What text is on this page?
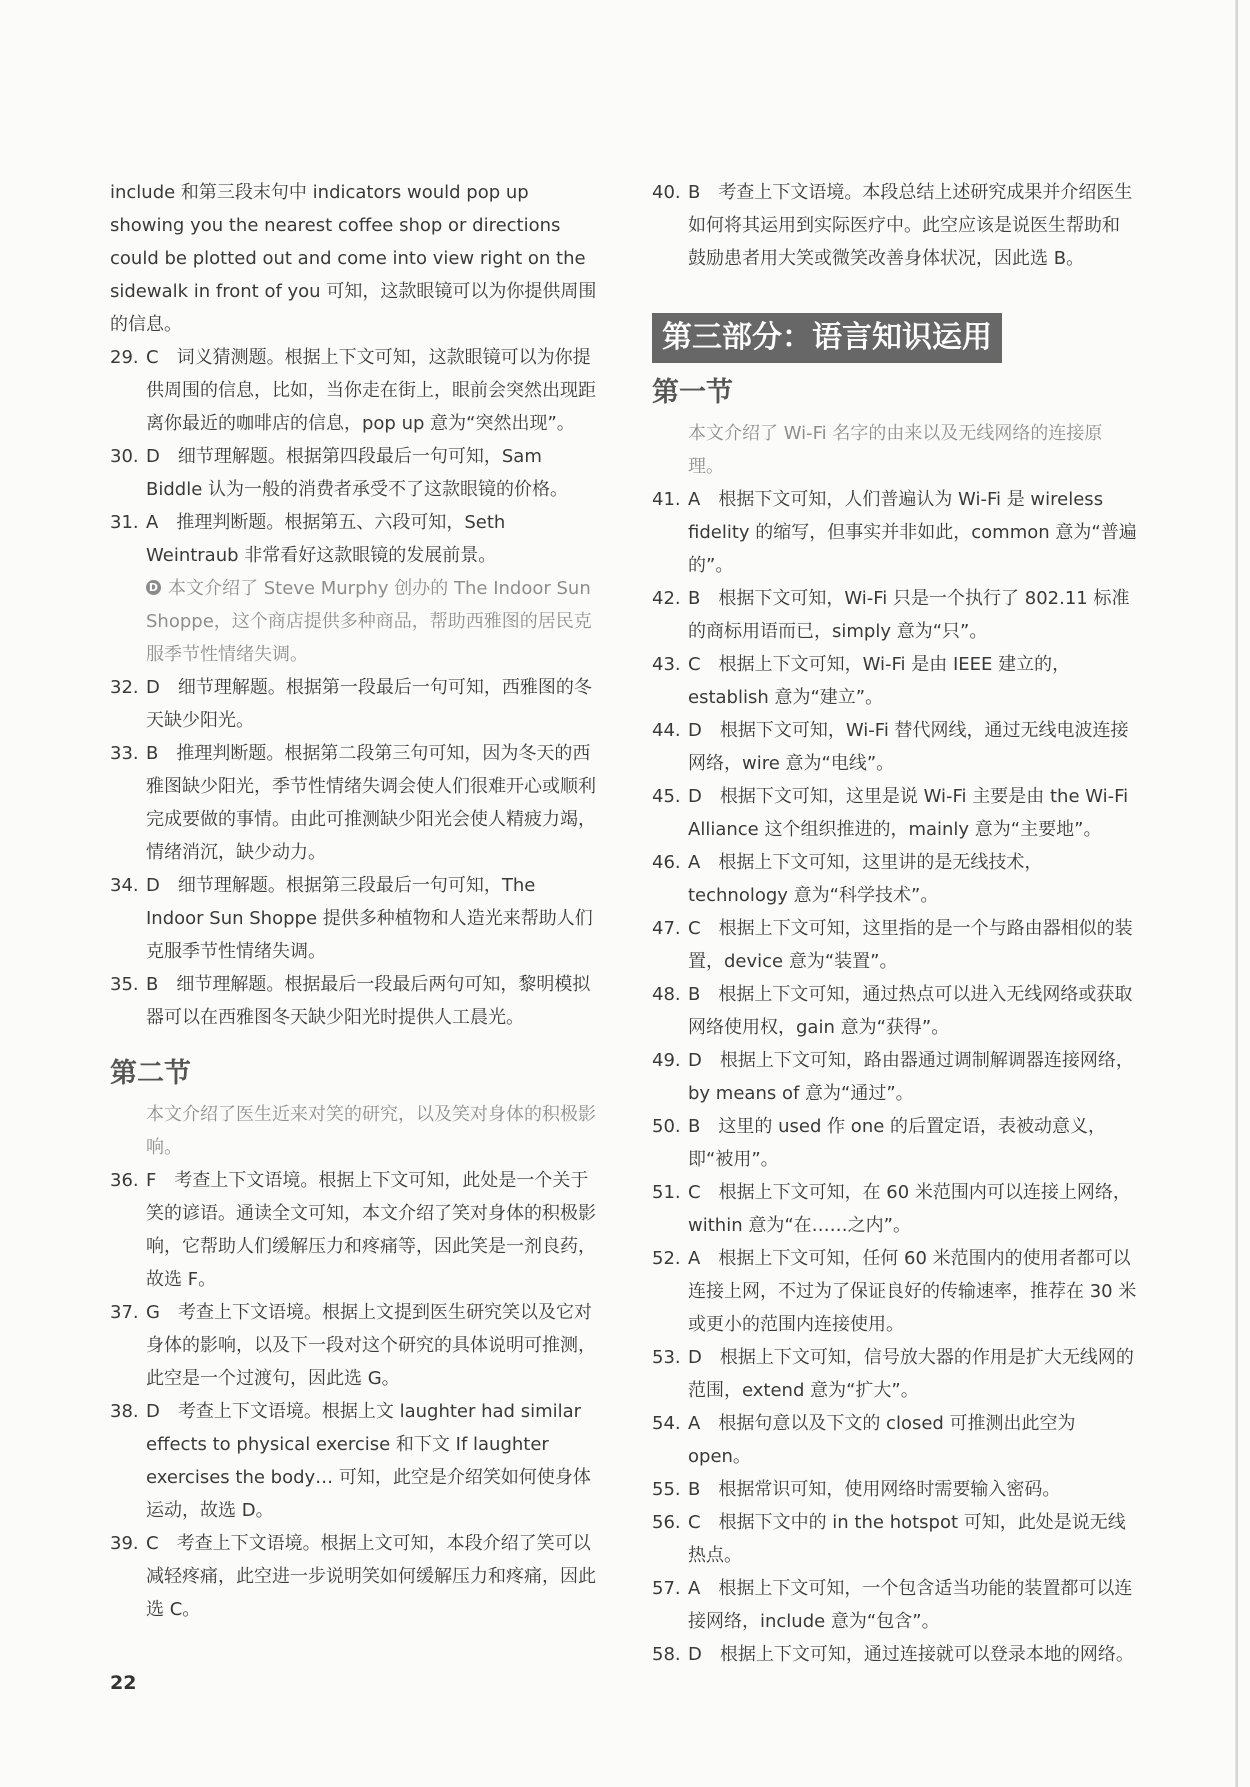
include 和第三段末句中 indicators would pop up showing you the nearest coffee shop or directions could be plotted out and come into view right on the sidewalk in front of you 可知，这款眼镜可以为你提供周围的信息。

29. C 词义猜测题。根据上下文可知，这款眼镜可以为你提供周围的信息，比如，当你走在街上，眼前会突然出现距离你最近的咖啡店的信息，pop up 意为“突然出现”。

30. D 细节理解题。根据第四段最后一句可知，Sam Biddle 认为一般的消费者承受不了这款眼镜的价格。

31. A 推理判断题。根据第五、六段可知，Seth Weintraub 非常看好这款眼镜的发展前景。

D 本文介绍了 Steve Murphy 创办的 The Indoor Sun Shoppe，这个商店提供多种商品，帮助西雅图的居民克服季节性情绪失调。

32. D 细节理解题。根据第一段最后一句可知，西雅图的冬天缺少阳光。

33. B 推理判断题。根据第二段第三句可知，因为冬天的西雅图缺少阳光，季节性情绪失调会使人们很难开心或顺利完成要做的事情。由此可推测缺少阳光会使人精疲力竭，情绪消沉，缺少动力。

34. D 细节理解题。根据第三段最后一句可知，The Indoor Sun Shoppe 提供多种植物和人造光来帮助人们克服季节性情绪失调。

35. B 细节理解题。根据最后一段最后两句可知，黎明模拟器可以在西雅图冬天缺少阳光时提供人工晨光。

第二节

本文介绍了医生近来对笑的研究，以及笑对身体的积极影响。

36. F 考查上下文语境。根据上下文可知，此处是一个关于笑的谚语。通读全文可知，本文介绍了笑对身体的积极影响，它帮助人们缓解压力和疼痛等，因此笑是一剂良药，故选 F。

37. G 考查上下文语境。根据上文提到医生研究笑以及它对身体的影响，以及下一段对这个研究的具体说明可推测，此空是一个过渡句，因此选 G。

38. D 考查上下文语境。根据上文 laughter had similar effects to physical exercise 和下文 If laughter exercises the body… 可知，此空是介绍笑如何使身体运动，故选 D。

39. C 考查上下文语境。根据上文可知，本段介绍了笑可以减轻疼痛，此空进一步说明笑如何缓解压力和疼痛，因此选 C。

40. B 考查上下文语境。本段总结上述研究成果并介绍医生如何将其运用到实际医疗中。此空应该是说医生帮助和鼓励患者用大笑或微笑改善身体状况，因此选 B。

第三部分：语言知识运用
第一节

本文介绍了 Wi-Fi 名字的由来以及无线网络的连接原理。

41. A 根据下文可知，人们普遍认为 Wi-Fi 是 wireless fidelity 的缩写，但事实并非如此，common 意为“普遍的”。

42. B 根据下文可知，Wi-Fi 只是一个执行了 802.11 标准的商标用语而已，simply 意为“只”。

43. C 根据上下文可知，Wi-Fi 是由 IEEE 建立的，establish 意为“建立”。

44. D 根据下文可知，Wi-Fi 替代网线，通过无线电波连接网络，wire 意为“电线”。

45. D 根据下文可知，这里是说 Wi-Fi 主要是由 the Wi-Fi Alliance 这个组织推进的，mainly 意为“主要地”。

46. A 根据上下文可知，这里讲的是无线技术，technology 意为“科学技术”。

47. C 根据上下文可知，这里指的是一个与路由器相似的装置，device 意为“装置”。

48. B 根据上下文可知，通过热点可以进入无线网络或获取网络使用权，gain 意为“获得”。

49. D 根据上下文可知，路由器通过调制解调器连接网络，by means of 意为“通过”。

50. B 这里的 used 作 one 的后置定语，表被动意义，即“被用”。

51. C 根据上下文可知，在 60 米范围内可以连接上网络，within 意为“在……之内”。

52. A 根据上下文可知，任何 60 米范围内的使用者都可以连接上网，不过为了保证良好的传输速率，推荐在 30 米或更小的范围内连接使用。

53. D 根据上下文可知，信号放大器的作用是扩大无线网的范围，extend 意为“扩大”。

54. A 根据句意以及下文的 closed 可推测出此空为 open。

55. B 根据常识可知，使用网络时需要输入密码。

56. C 根据下文中的 in the hotspot 可知，此处是说无线热点。

57. A 根据上下文可知，一个包含适当功能的装置都可以连接网络，include 意为“包含”。

58. D 根据上下文可知，通过连接就可以登录本地的网络。

22
